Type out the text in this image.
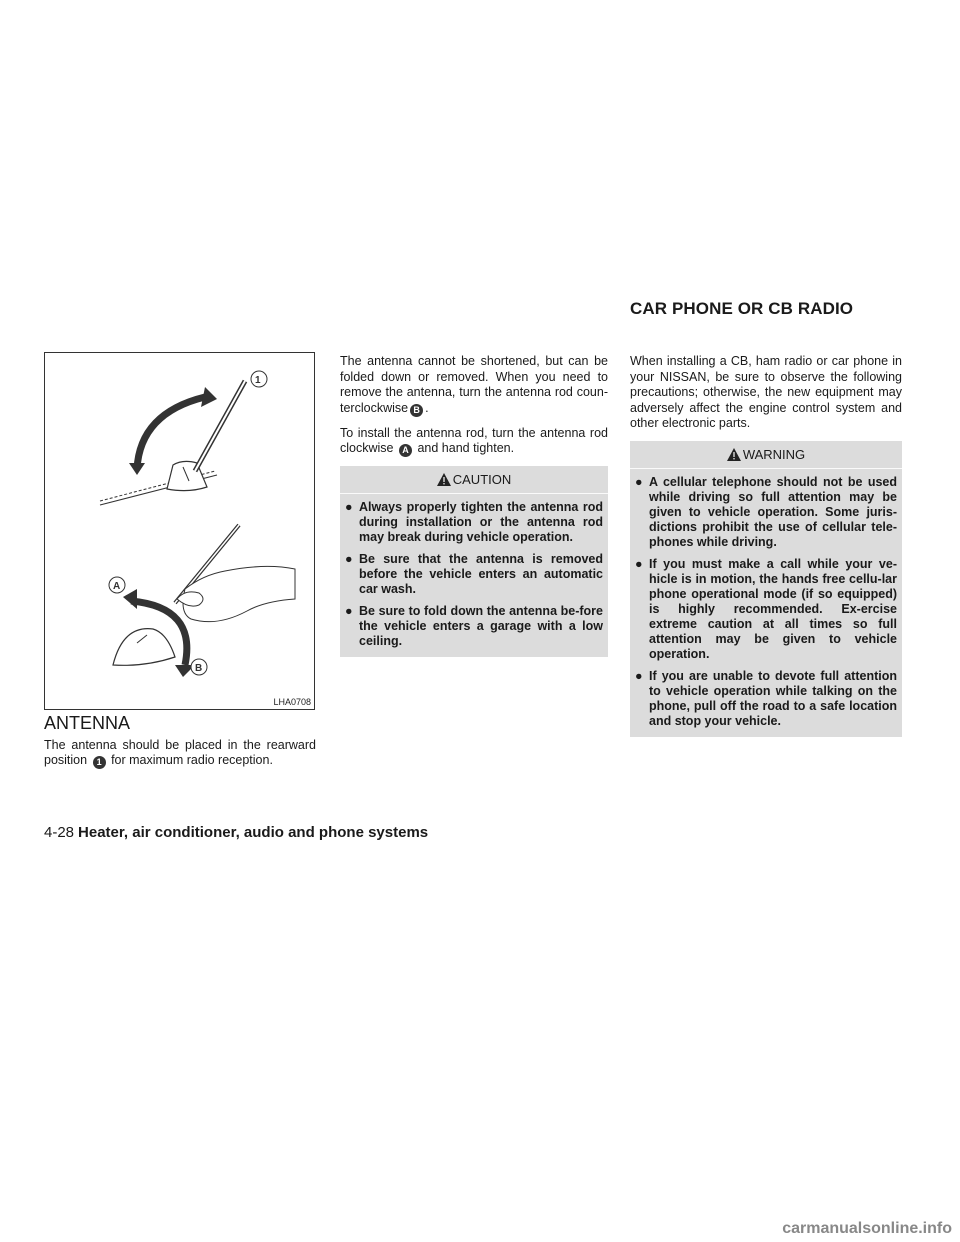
CAR PHONE OR CB RADIO
1
A
B
LHA0708
ANTENNA

The antenna should be placed in the rearward position 1 for maximum radio reception.

The antenna cannot be shortened, but can be folded down or removed. When you need to remove the antenna, turn the antenna rod coun-terclockwise B .

To install the antenna rod, turn the antenna rod clockwise A and hand tighten.

CAUTION
● Always properly tighten the antenna rod during installation or the antenna rod may break during vehicle operation.
● Be sure that the antenna is removed before the vehicle enters an automatic car wash.
● Be sure to fold down the antenna be-fore the vehicle enters a garage with a low ceiling.

When installing a CB, ham radio or car phone in your NISSAN, be sure to observe the following precautions; otherwise, the new equipment may adversely affect the engine control system and other electronic parts.

WARNING
● A cellular telephone should not be used while driving so full attention may be given to vehicle operation. Some juris-dictions prohibit the use of cellular tele-phones while driving.
● If you must make a call while your ve-hicle is in motion, the hands free cellu-lar phone operational mode (if so equipped) is highly recommended. Ex-ercise extreme caution at all times so full attention may be given to vehicle operation.
● If you are unable to devote full attention to vehicle operation while talking on the phone, pull off the road to a safe location and stop your vehicle.
4-28 Heater, air conditioner, audio and phone systems
carmanualsonline.info
